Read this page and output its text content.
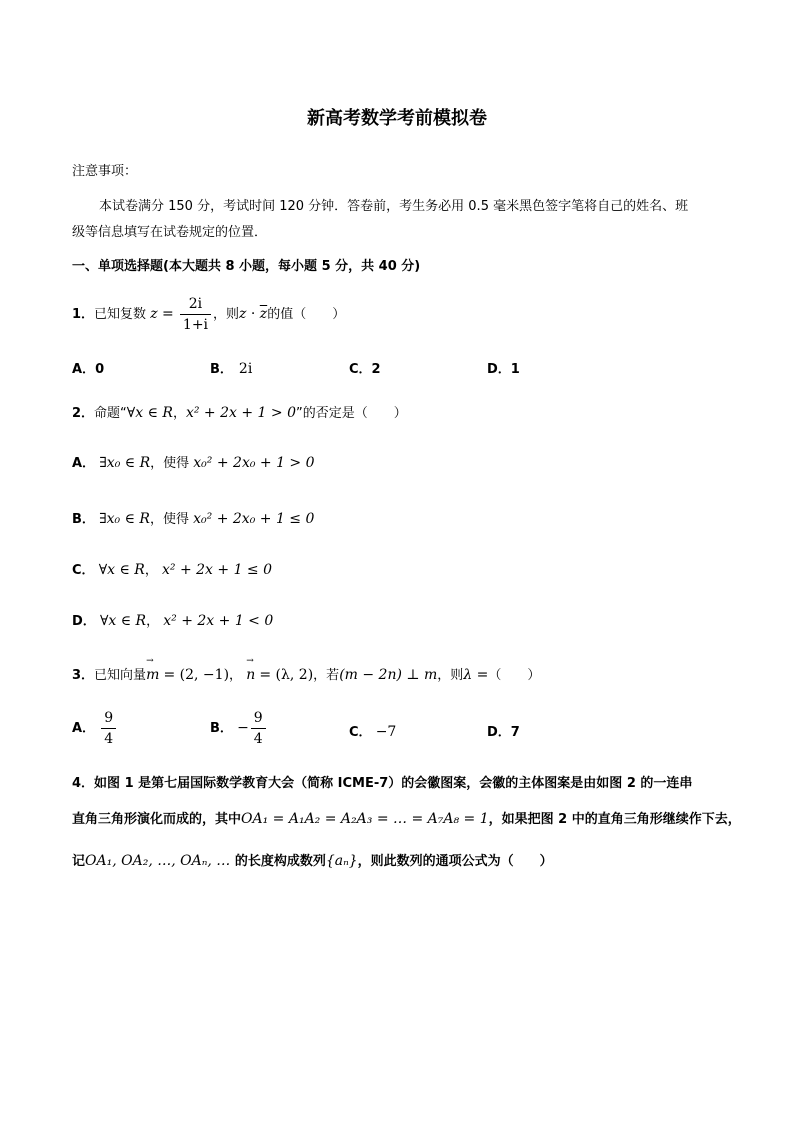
新高考数学考前模拟卷
注意事项：
本试卷满分 150 分，考试时间 120 分钟．答卷前，考生务必用 0.5 毫米黑色签字笔将自己的姓名、班
级等信息填写在试卷规定的位置．
一、单项选择题(本大题共 8 小题，每小题 5 分，共 40 分)
1．已知复数 $z = \frac{2i}{1+i}$ ，则$z \cdot \overline{z}$的值（　　）
A．0	B． 2i	C．2	D．1
2．命题“∀x ∈ R，x² + 2x + 1 > 0”的否定是（　　）
A． ∃x₀ ∈ R，使得 x₀² + 2x₀ + 1 > 0
B． ∃x₀ ∈ R，使得 x₀² + 2x₀ + 1 ≤ 0
C． ∀x ∈ R， x² + 2x + 1 ≤ 0
D． ∀x ∈ R， x² + 2x + 1 < 0
3．已知向量→ m = (2, −1)， → n = (λ, 2)，若(m − 2n) ⊥ m，则λ =（　　）
A． $\frac{9}{4}$	B． − $\frac{9}{4}$	C． −7	D．7
4．如图 1 是第七届国际数学教育大会（简称 ICME-7）的会徽图案，会徽的主体图案是由如图 2 的一连串
直角三角形演化而成的，其中OA₁ = A₁A₂ = A₂A₃ = … = A₇A₈ = 1，如果把图 2 中的直角三角形继续作下去，
记OA₁, OA₂, …, OAₙ, … 的长度构成数列{aₙ}，则此数列的通项公式为（　　）
